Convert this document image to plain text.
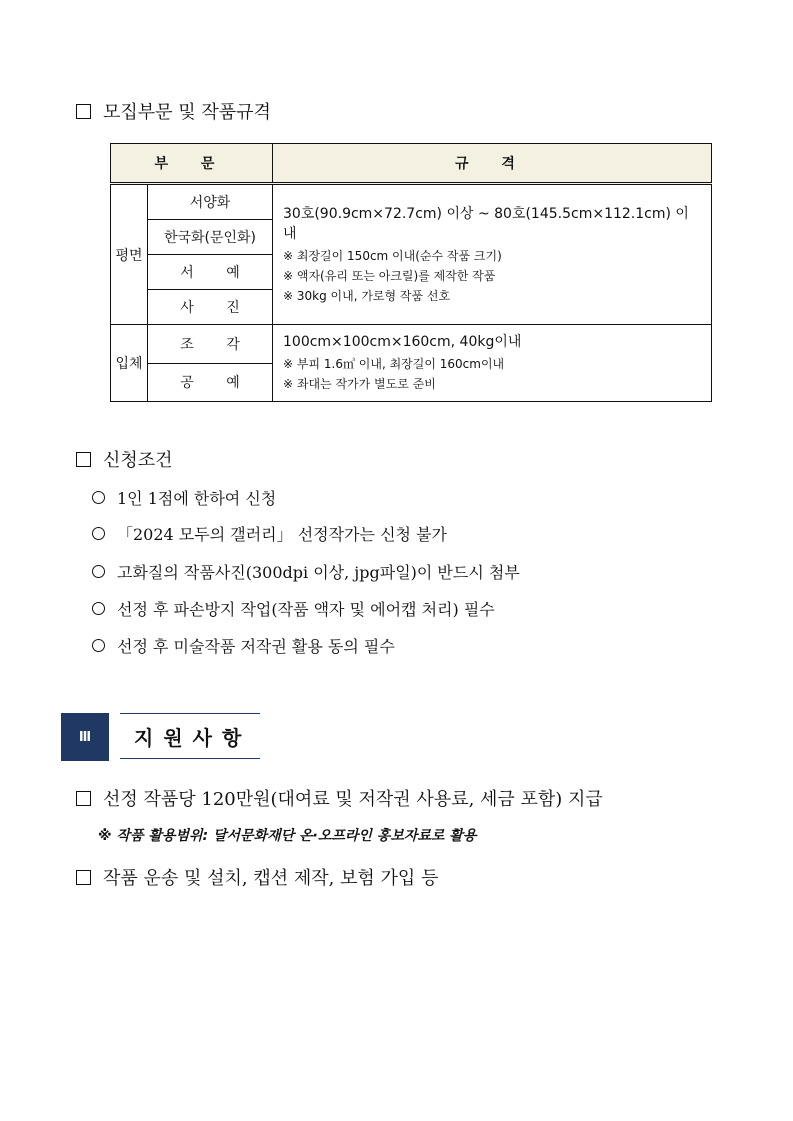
모집부문 및 작품규격
부 문		규 격
평면	서양화	30호(90.9cm×72.7cm) 이상 ~ 80호(145.5cm×112.1cm) 이내
※ 최장길이 150cm 이내(순수 작품 크기)
※ 액자(유리 또는 아크릴)를 제작한 작품
※ 30kg 이내, 가로형 작품 선호

	한국화(문인화)	
	서 예	
	사 진	
입체	조 각	100cm×100cm×160cm, 40kg이내
※ 부피 1.6㎥ 이내, 최장길이 160cm이내
※ 좌대는 작가가 별도로 준비

	공 예	
신청조건
1인 1점에 한하여 신청
「2024 모두의 갤러리」 선정작가는 신청 불가
고화질의 작품사진(300dpi 이상, jpg파일)이 반드시 첨부
선정 후 파손방지 작업(작품 액자 및 에어캡 처리) 필수
선정 후 미술작품 저작권 활용 동의 필수
Ⅲ	지원사항
선정 작품당 120만원(대여료 및 저작권 사용료, 세금 포함) 지급
※ 작품 활용범위: 달서문화재단 온·오프라인 홍보자료로 활용
작품 운송 및 설치, 캡션 제작, 보험 가입 등
